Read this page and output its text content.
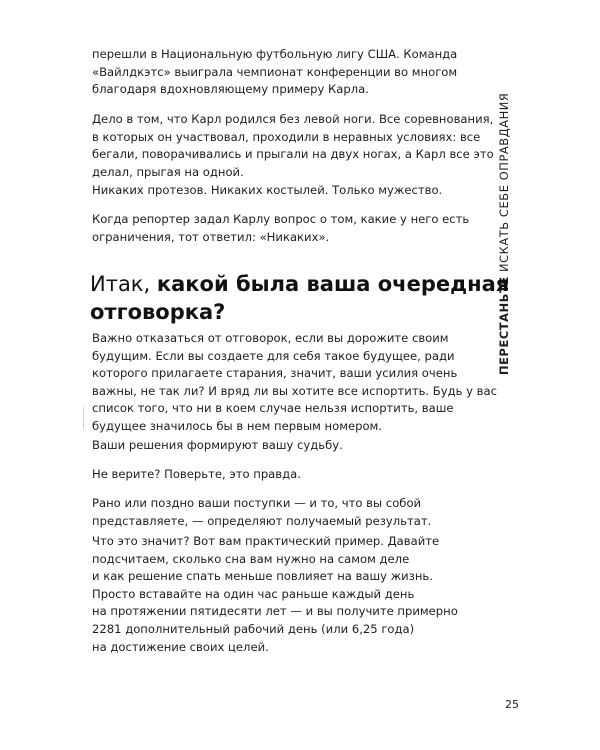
ПЕРЕСТАНЬТЕ ИСКАТЬ СЕБЕ ОПРАВДАНИЯ

перешли в Национальную футбольную лигу США. Команда
«Вайлдкэтс» выиграла чемпионат конференции во многом
благодаря вдохновляющему примеру Карла.

Дело в том, что Карл родился без левой ноги. Все соревнования,
в которых он участвовал, проходили в неравных условиях: все
бегали, поворачивались и прыгали на двух ногах, а Карл все это
делал, прыгая на одной.

Никаких протезов. Никаких костылей. Только мужество.

Когда репортер задал Карлу вопрос о том, какие у него есть
ограничения, тот ответил: «Никаких».

Итак, какой была ваша очередная
отговорка?

Важно отказаться от отговорок, если вы дорожите своим
будущим. Если вы создаете для себя такое будущее, ради
которого прилагаете старания, значит, ваши усилия очень
важны, не так ли? И вряд ли вы хотите все испортить. Будь у вас
список того, что ни в коем случае нельзя испортить, ваше
будущее значилось бы в нем первым номером.

Ваши решения формируют вашу судьбу.

Не верите? Поверьте, это правда.

Рано или поздно ваши поступки — и то, что вы собой
представляете, — определяют получаемый результат.

Что это значит? Вот вам практический пример. Давайте
подсчитаем, сколько сна вам нужно на самом деле
и как решение спать меньше повлияет на вашу жизнь.
Просто вставайте на один час раньше каждый день
на протяжении пятидесяти лет — и вы получите примерно
2281 дополнительный рабочий день (или 6,25 года)
на достижение своих целей.

25
